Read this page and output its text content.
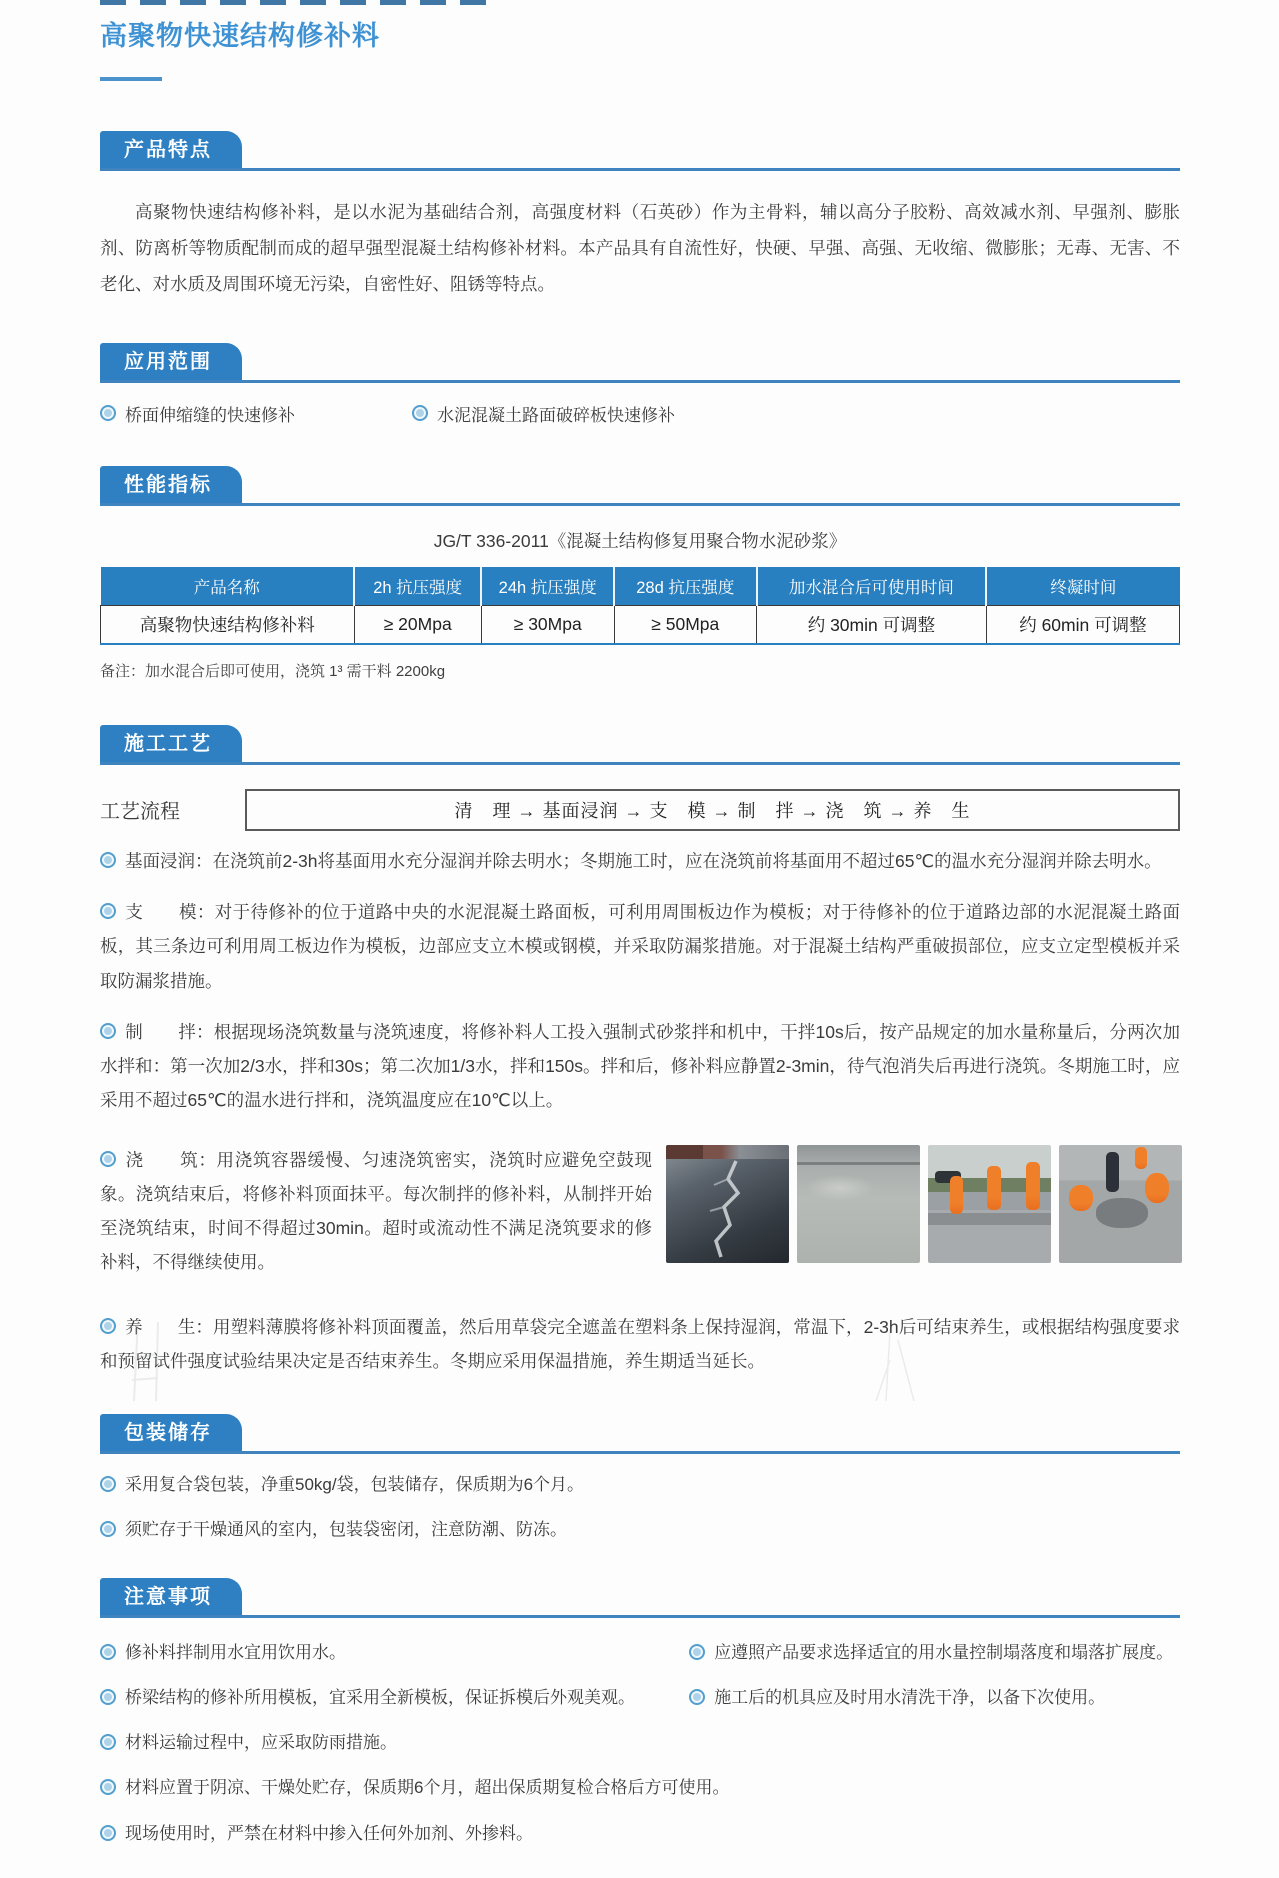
高聚物快速结构修补料
产品特点

高聚物快速结构修补料，是以水泥为基础结合剂，高强度材料（石英砂）作为主骨料，辅以高分子胶粉、高效减水剂、早强剂、膨胀剂、防离析等物质配制而成的超早强型混凝土结构修补材料。本产品具有自流性好，快硬、早强、高强、无收缩、微膨胀；无毒、无害、不老化、对水质及周围环境无污染，自密性好、阻锈等特点。

应用范围
桥面伸缩缝的快速修补	水泥混凝土路面破碎板快速修补
性能指标
JG/T 336-2011《混凝土结构修复用聚合物水泥砂浆》
产品名称	2h 抗压强度	24h 抗压强度	28d 抗压强度	加水混合后可使用时间	终凝时间
高聚物快速结构修补料	≥ 20Mpa	≥ 30Mpa	≥ 50Mpa	约 30min 可调整	约 60min 可调整
备注：加水混合后即可使用，浇筑 1³ 需干料 2200kg
施工工艺
工艺流程	清　理 → 基面浸润 → 支　模 → 制　拌 → 浇　筑 → 养　生

基面浸润：在浇筑前2-3h将基面用水充分湿润并除去明水；冬期施工时，应在浇筑前将基面用不超过65℃的温水充分湿润并除去明水。

支　　模：对于待修补的位于道路中央的水泥混凝土路面板，可利用周围板边作为模板；对于待修补的位于道路边部的水泥混凝土路面板，其三条边可利用周工板边作为模板，边部应支立木模或钢模，并采取防漏浆措施。对于混凝土结构严重破损部位，应支立定型模板并采取防漏浆措施。

制　　拌：根据现场浇筑数量与浇筑速度，将修补料人工投入强制式砂浆拌和机中，干拌10s后，按产品规定的加水量称量后，分两次加水拌和：第一次加2/3水，拌和30s；第二次加1/3水，拌和150s。拌和后，修补料应静置2-3min，待气泡消失后再进行浇筑。冬期施工时，应采用不超过65℃的温水进行拌和，浇筑温度应在10℃以上。

浇　　筑：用浇筑容器缓慢、匀速浇筑密实，浇筑时应避免空鼓现象。浇筑结束后，将修补料顶面抹平。每次制拌的修补料，从制拌开始至浇筑结束，时间不得超过30min。超时或流动性不满足浇筑要求的修补料，不得继续使用。

养　　生：用塑料薄膜将修补料顶面覆盖，然后用草袋完全遮盖在塑料条上保持湿润，常温下，2-3h后可结束养生，或根据结构强度要求和预留试件强度试验结果决定是否结束养生。冬期应采用保温措施，养生期适当延长。

包装储存
采用复合袋包装，净重50kg/袋，包装储存，保质期为6个月。
须贮存于干燥通风的室内，包装袋密闭，注意防潮、防冻。
注意事项
修补料拌制用水宜用饮用水。	应遵照产品要求选择适宜的用水量控制塌落度和塌落扩展度。
桥梁结构的修补所用模板，宜采用全新模板，保证拆模后外观美观。	施工后的机具应及时用水清洗干净，以备下次使用。
材料运输过程中，应采取防雨措施。
材料应置于阴凉、干燥处贮存，保质期6个月，超出保质期复检合格后方可使用。
现场使用时，严禁在材料中掺入任何外加剂、外掺料。
